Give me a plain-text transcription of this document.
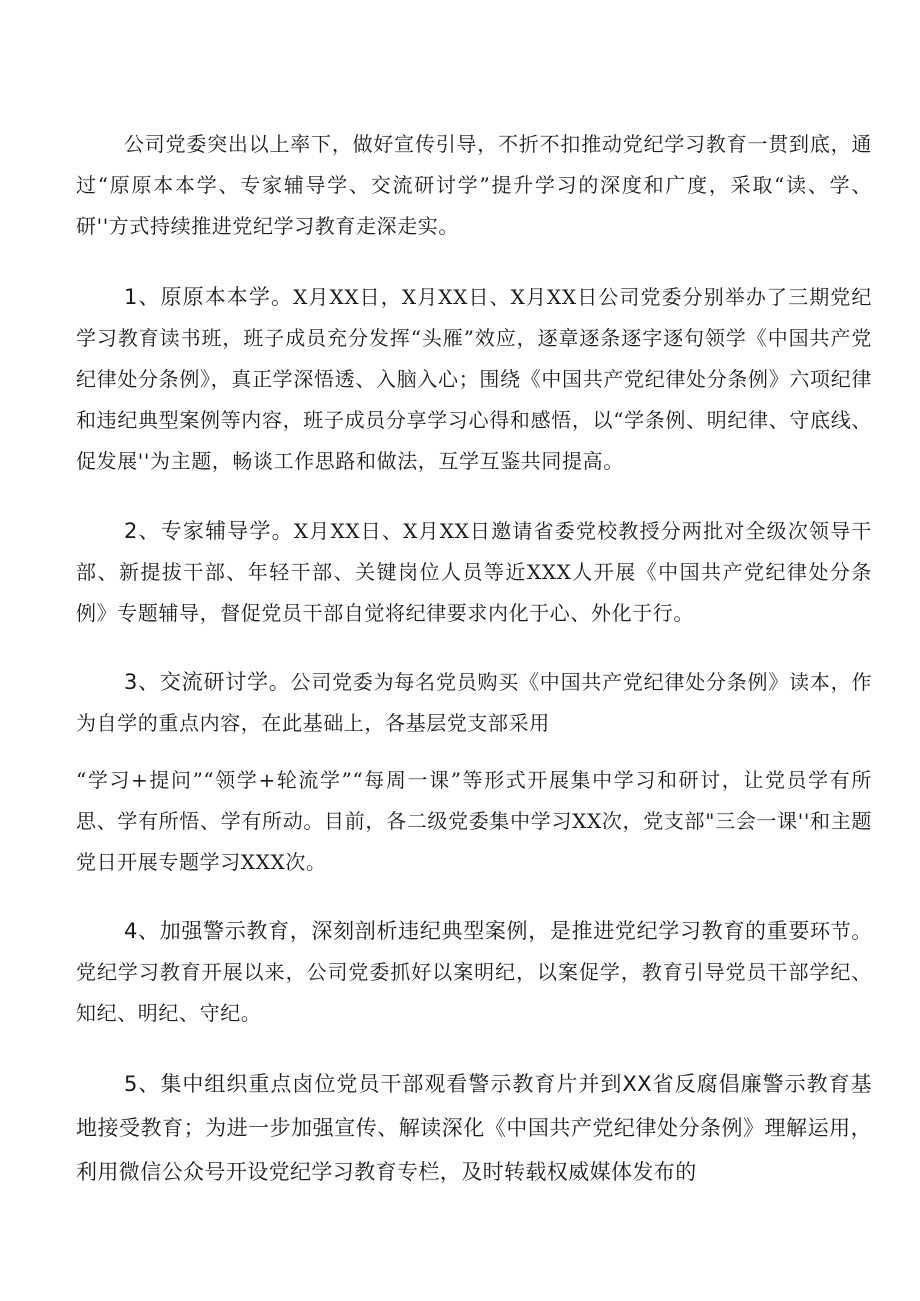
公司党委突出以上率下，做好宣传引导，不折不扣推动党纪学习教育一贯到底，通过“原原本本学、专家辅导学、交流研讨学”提升学习的深度和广度，采取“读、学、研''方式持续推进党纪学习教育走深走实。

1、原原本本学。X月XX日，X月XX日、X月XX日公司党委分别举办了三期党纪学习教育读书班，班子成员充分发挥“头雁”效应，逐章逐条逐字逐句领学《中国共产党纪律处分条例》，真正学深悟透、入脑入心；围绕《中国共产党纪律处分条例》六项纪律和违纪典型案例等内容，班子成员分享学习心得和感悟，以“学条例、明纪律、守底线、促发展''为主题，畅谈工作思路和做法，互学互鉴共同提高。

2、专家辅导学。X月XX日、X月XX日邀请省委党校教授分两批对全级次领导干部、新提拔干部、年轻干部、关键岗位人员等近XXX人开展《中国共产党纪律处分条例》专题辅导，督促党员干部自觉将纪律要求内化于心、外化于行。

3、交流研讨学。公司党委为每名党员购买《中国共产党纪律处分条例》读本，作为自学的重点内容，在此基础上，各基层党支部采用

“学习+提问”“领学+轮流学”“每周一课”等形式开展集中学习和研讨，让党员学有所思、学有所悟、学有所动。目前，各二级党委集中学习XX次，党支部"三会一课''和主题党日开展专题学习XXX次。

4、加强警示教育，深刻剖析违纪典型案例，是推进党纪学习教育的重要环节。党纪学习教育开展以来，公司党委抓好以案明纪，以案促学，教育引导党员干部学纪、知纪、明纪、守纪。

5、集中组织重点卤位党员干部观看警示教育片并到XX省反腐倡廉警示教育基地接受教育；为进一步加强宣传、解读深化《中国共产党纪律处分条例》理解运用，利用微信公众号开设党纪学习教育专栏，及时转载权威媒体发布的
